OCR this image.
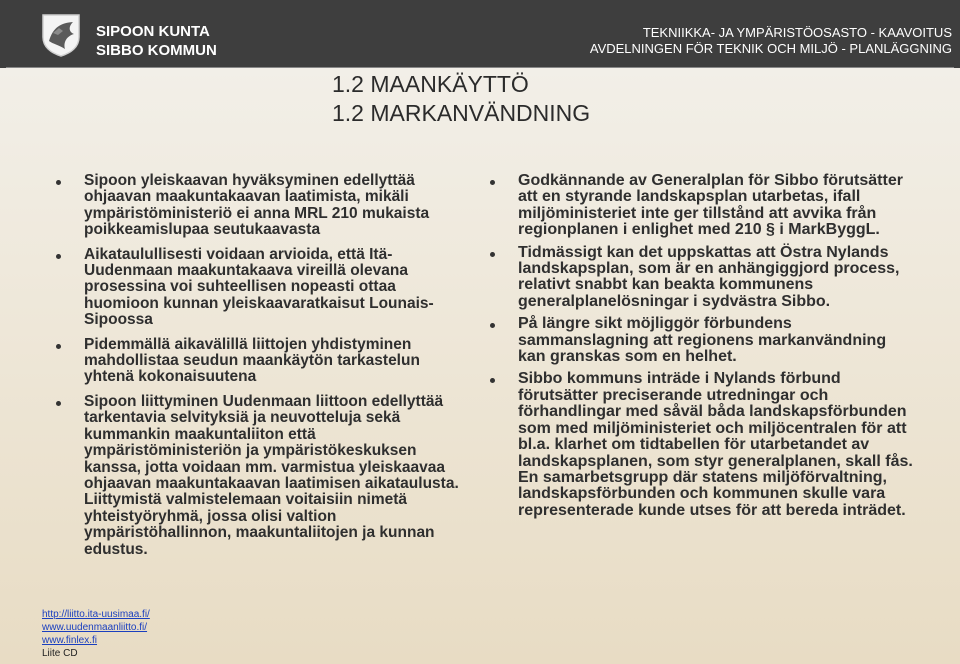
SIPOON KUNTA
SIBBO KOMMUN
TEKNIIKKA- JA YMPÄRISTÖOSASTO - KAAVOITUS
AVDELNINGEN FÖR TEKNIK OCH MILJÖ - PLANLÄGGNING
1.2 MAANKÄYTTÖ
1.2 MARKANVÄNDNING
Sipoon yleiskaavan hyväksyminen edellyttää ohjaavan maakuntakaavan laatimista, mikäli ympäristöministeriö ei anna MRL 210 mukaista poikkeamislupaa seutukaavasta
Aikataulullisesti voidaan arvioida, että Itä-Uudenmaan maakuntakaava vireillä olevana prosessina voi suhteellisen nopeasti ottaa huomioon kunnan yleiskaavaratkaisut Lounais-Sipoossa
Pidemmällä aikavälillä liittojen yhdistyminen mahdollistaa seudun maankäytön tarkastelun yhtenä kokonaisuutena
Sipoon liittyminen Uudenmaan liittoon edellyttää tarkentavia selvityksiä ja neuvotteluja sekä kummankin maakuntaliiton että ympäristöministeriön ja ympäristökeskuksen kanssa, jotta voidaan mm. varmistua yleiskaavaa ohjaavan maakuntakaavan laatimisen aikataulusta. Liittymistä valmistelemaan voitaisiin nimetä yhteistyöryhmä, jossa olisi valtion ympäristöhallinnon, maakuntaliitojen ja kunnan edustus.
Godkännande av Generalplan för Sibbo förutsätter att en styrande landskapsplan utarbetas, ifall miljöministeriet inte ger tillstånd att avvika från regionplanen i enlighet med 210 § i MarkByggL.
Tidmässigt kan det uppskattas att Östra Nylands landskapsplan, som är en anhängiggjord process, relativt snabbt kan beakta kommunens generalplanelösningar i sydvästra Sibbo.
På längre sikt möjliggör förbundens sammanslagning att regionens markanvändning kan granskas som en helhet.
Sibbo kommuns inträde i Nylands förbund förutsätter preciserande utredningar och förhandlingar med såväl båda landskapsförbunden som med miljöministeriet och miljöcentralen för att bl.a. klarhet om tidtabellen för utarbetandet av landskapsplanen, som styr generalplanen, skall fås. En samarbetsgrupp där statens miljöförvaltning, landskapsförbunden och kommunen skulle vara representerade kunde utses för att bereda inträdet.
http://liitto.ita-uusimaa.fi/
www.uudenmaanliitto.fi/
www.finlex.fi
Liite CD
